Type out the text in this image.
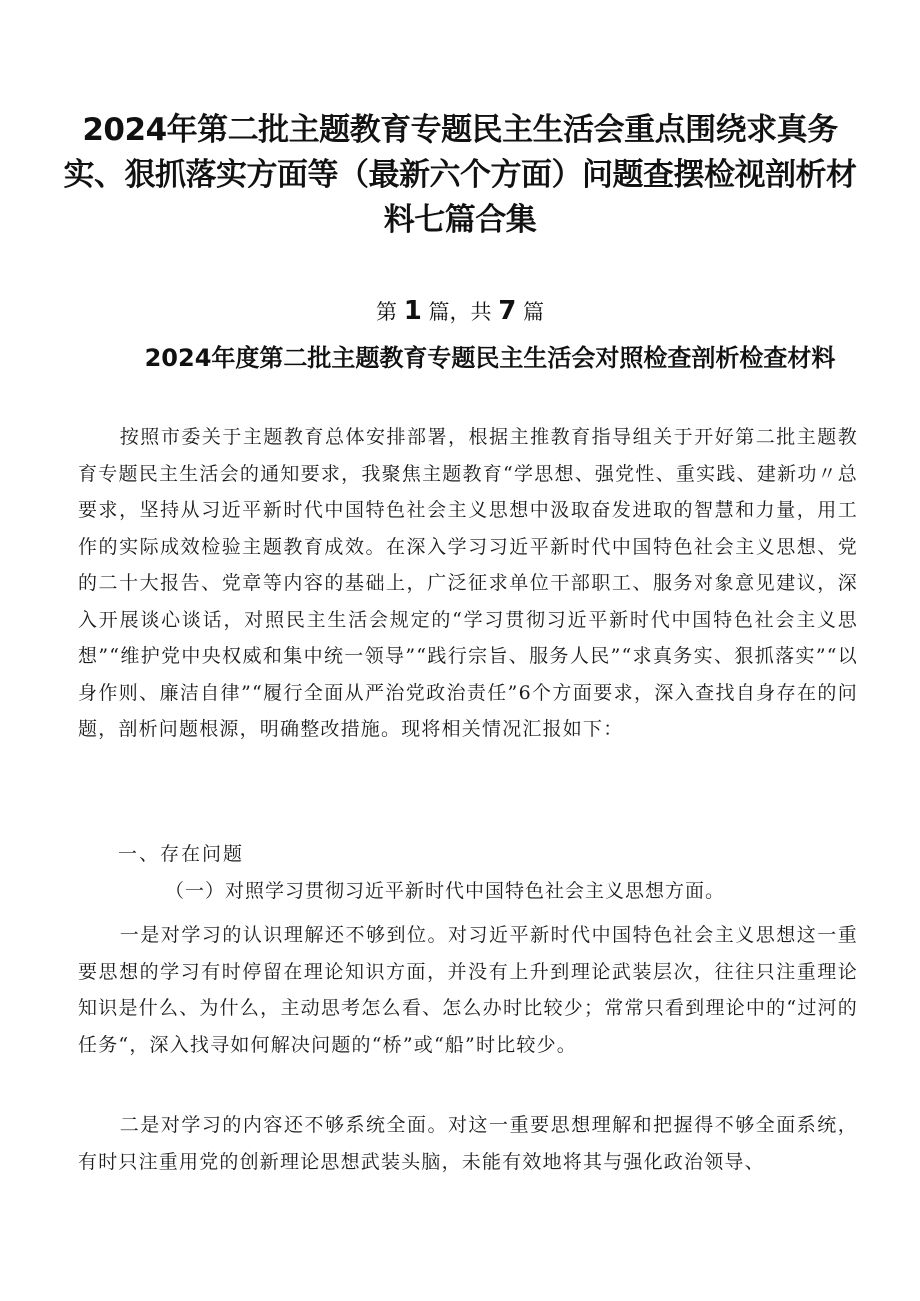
2024年第二批主题教育专题民主生活会重点围绕求真务实、狠抓落实方面等（最新六个方面）问题查摆检视剖析材料七篇合集
第 1 篇，共 7 篇
2024年度第二批主题教育专题民主生活会对照检查剖析检查材料

按照市委关于主题教育总体安排部署，根据主推教育指导组关于开好第二批主题教育专题民主生活会的通知要求，我聚焦主题教育“学思想、强党性、重实践、建新功〃总要求，坚持从习近平新时代中国特色社会主义思想中汲取奋发进取的智慧和力量，用工作的实际成效检验主题教育成效。在深入学习习近平新时代中国特色社会主义思想、党的二十大报告、党章等内容的基础上，广泛征求单位干部职工、服务对象意见建议，深入开展谈心谈话，对照民主生活会规定的“学习贯彻习近平新时代中国特色社会主义思想”“维护党中央权威和集中统一领导”“践行宗旨、服务人民”“求真务实、狠抓落实”“以身作则、廉洁自律”“履行全面从严治党政治责任”6个方面要求，深入查找自身存在的问题，剖析问题根源，明确整改措施。现将相关情况汇报如下：

一、存在问题

（一）对照学习贯彻习近平新时代中国特色社会主义思想方面。

一是对学习的认识理解还不够到位。对习近平新时代中国特色社会主义思想这一重要思想的学习有时停留在理论知识方面，并没有上升到理论武装层次，往往只注重理论知识是什么、为什么，主动思考怎么看、怎么办时比较少；常常只看到理论中的“过河的任务“，深入找寻如何解决问题的“桥”或“船”时比较少。

二是对学习的内容还不够系统全面。对这一重要思想理解和把握得不够全面系统，有时只注重用党的创新理论思想武装头脑，未能有效地将其与强化政治领导、
